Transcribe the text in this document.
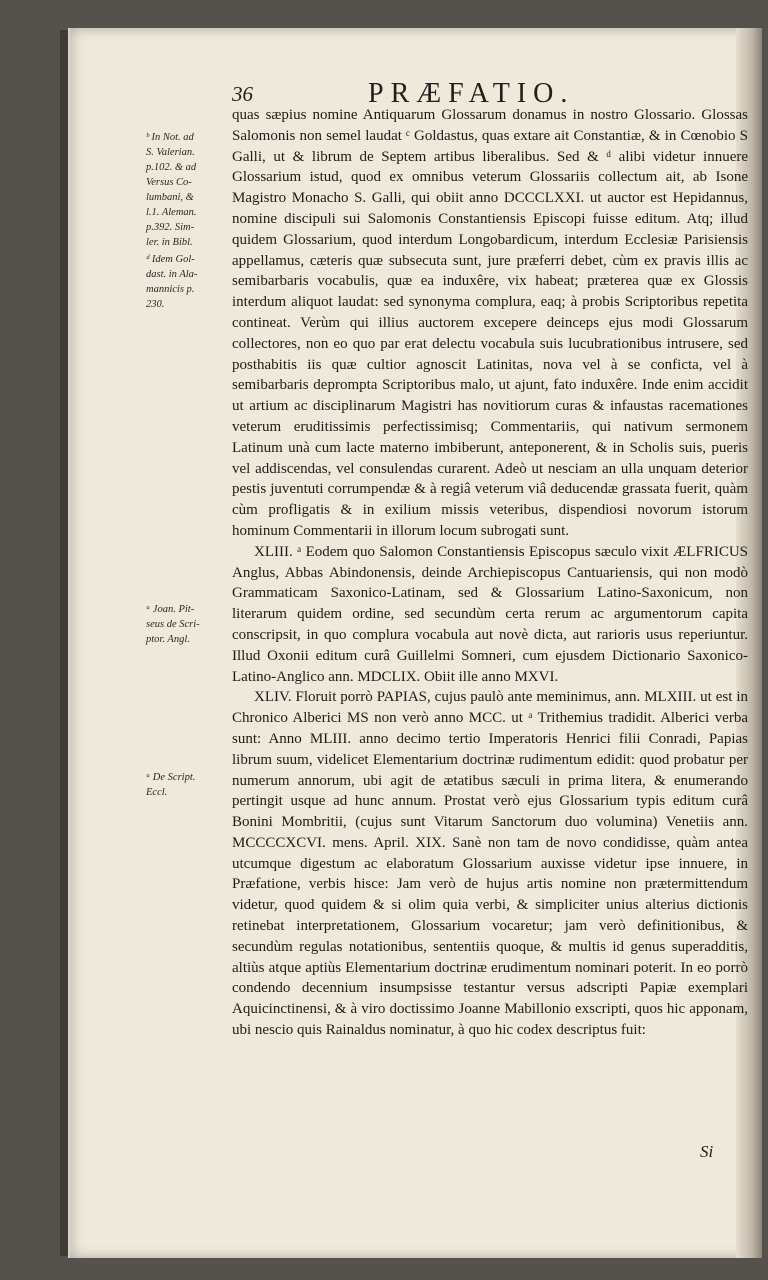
36	PRÆFATIO.
ᵇ In Not. ad
S. Valerian.
p.102. & ad
Versus Co-
lumbani, &
l.1. Aleman.
p.392. Sim-
ler. in Bibl.
ᵈ Idem Gol-
dast. in Ala-
mannicis p.
230.
ᵃ Joan. Pit-
seus de Scri-
ptor. Angl.
ᵃ De Script.
Eccl.

quas sæpius nomine Antiquarum Glossarum donamus in nostro Glossario. Glossas Salomonis non semel laudat ᶜ Goldastus, quas extare ait Constantiæ, & in Cœnobio S Galli, ut & librum de Septem artibus liberalibus. Sed & ᵈ alibi videtur innuere Glossarium istud, quod ex omnibus veterum Glossariis collectum ait, ab Isone Magistro Monacho S. Galli, qui obiit anno DCCCLXXI. ut auctor est Hepidannus, nomine discipuli sui Salomonis Constantiensis Episcopi fuisse editum. Atq; illud quidem Glossarium, quod interdum Longobardicum, interdum Ecclesiæ Parisiensis appellamus, cæteris quæ subsecuta sunt, jure præferri debet, cùm ex pravis illis ac semibarbaris vocabulis, quæ ea induxêre, vix habeat; præterea quæ ex Glossis interdum aliquot laudat: sed synonyma complura, eaq; à probis Scriptoribus repetita contineat. Verùm qui illius auctorem excepere deinceps ejus modi Glossarum collectores, non eo quo par erat delectu vocabula suis lucubrationibus intrusere, sed posthabitis iis quæ cultior agnoscit Latinitas, nova vel à se conficta, vel à semibarbaris deprompta Scriptoribus malo, ut ajunt, fato induxêre. Inde enim accidit ut artium ac disciplinarum Magistri has novitiorum curas & infaustas racemationes veterum eruditissimis perfectissimisq; Commentariis, qui nativum sermonem Latinum unà cum lacte materno imbiberunt, anteponerent, & in Scholis suis, pueris vel addiscendas, vel consulendas curarent. Adeò ut nesciam an ulla unquam deterior pestis juventuti corrumpendæ & à regiâ veterum viâ deducendæ grassata fuerit, quàm cùm profligatis & in exilium missis veteribus, dispendiosi novorum istorum hominum Commentarii in illorum locum subrogati sunt.

XLIII. ᵃ Eodem quo Salomon Constantiensis Episcopus sæculo vixit ÆLFRICUS Anglus, Abbas Abindonensis, deinde Archiepiscopus Cantuariensis, qui non modò Grammaticam Saxonico-Latinam, sed & Glossarium Latino-Saxonicum, non literarum quidem ordine, sed secundùm certa rerum ac argumentorum capita conscripsit, in quo complura vocabula aut novè dicta, aut rarioris usus reperiuntur. Illud Oxonii editum curâ Guillelmi Somneri, cum ejusdem Dictionario Saxonico-Latino-Anglico ann. MDCLIX. Obiit ille anno MXVI.

XLIV. Floruit porrò PAPIAS, cujus paulò ante meminimus, ann. MLXIII. ut est in Chronico Alberici MS non verò anno MCC. ut ᵃ Trithemius tradidit. Alberici verba sunt: Anno MLIII. anno decimo tertio Imperatoris Henrici filii Conradi, Papias librum suum, videlicet Elementarium doctrinæ rudimentum edidit: quod probatur per numerum annorum, ubi agit de ætatibus sæculi in prima litera, & enumerando pertingit usque ad hunc annum. Prostat verò ejus Glossarium typis editum curâ Bonini Mombritii, (cujus sunt Vitarum Sanctorum duo volumina) Venetiis ann. MCCCCXCVI. mens. April. XIX. Sanè non tam de novo condidisse, quàm antea utcumque digestum ac elaboratum Glossarium auxisse videtur ipse innuere, in Præfatione, verbis hisce: Jam verò de hujus artis nomine non prætermittendum videtur, quod quidem & si olim quia verbi, & simpliciter unius alterius dictionis retinebat interpretationem, Glossarium vocaretur; jam verò definitionibus, & secundùm regulas notationibus, sententiis quoque, & multis id genus superadditis, altiùs atque aptiùs Elementarium doctrinæ erudimentum nominari poterit. In eo porrò condendo decennium insumpsisse testantur versus adscripti Papiæ exemplari Aquicinctinensi, & à viro doctissimo Joanne Mabillonio exscripti, quos hic apponam, ubi nescio quis Rainaldus nominatur, à quo hic codex descriptus fuit:

Si
